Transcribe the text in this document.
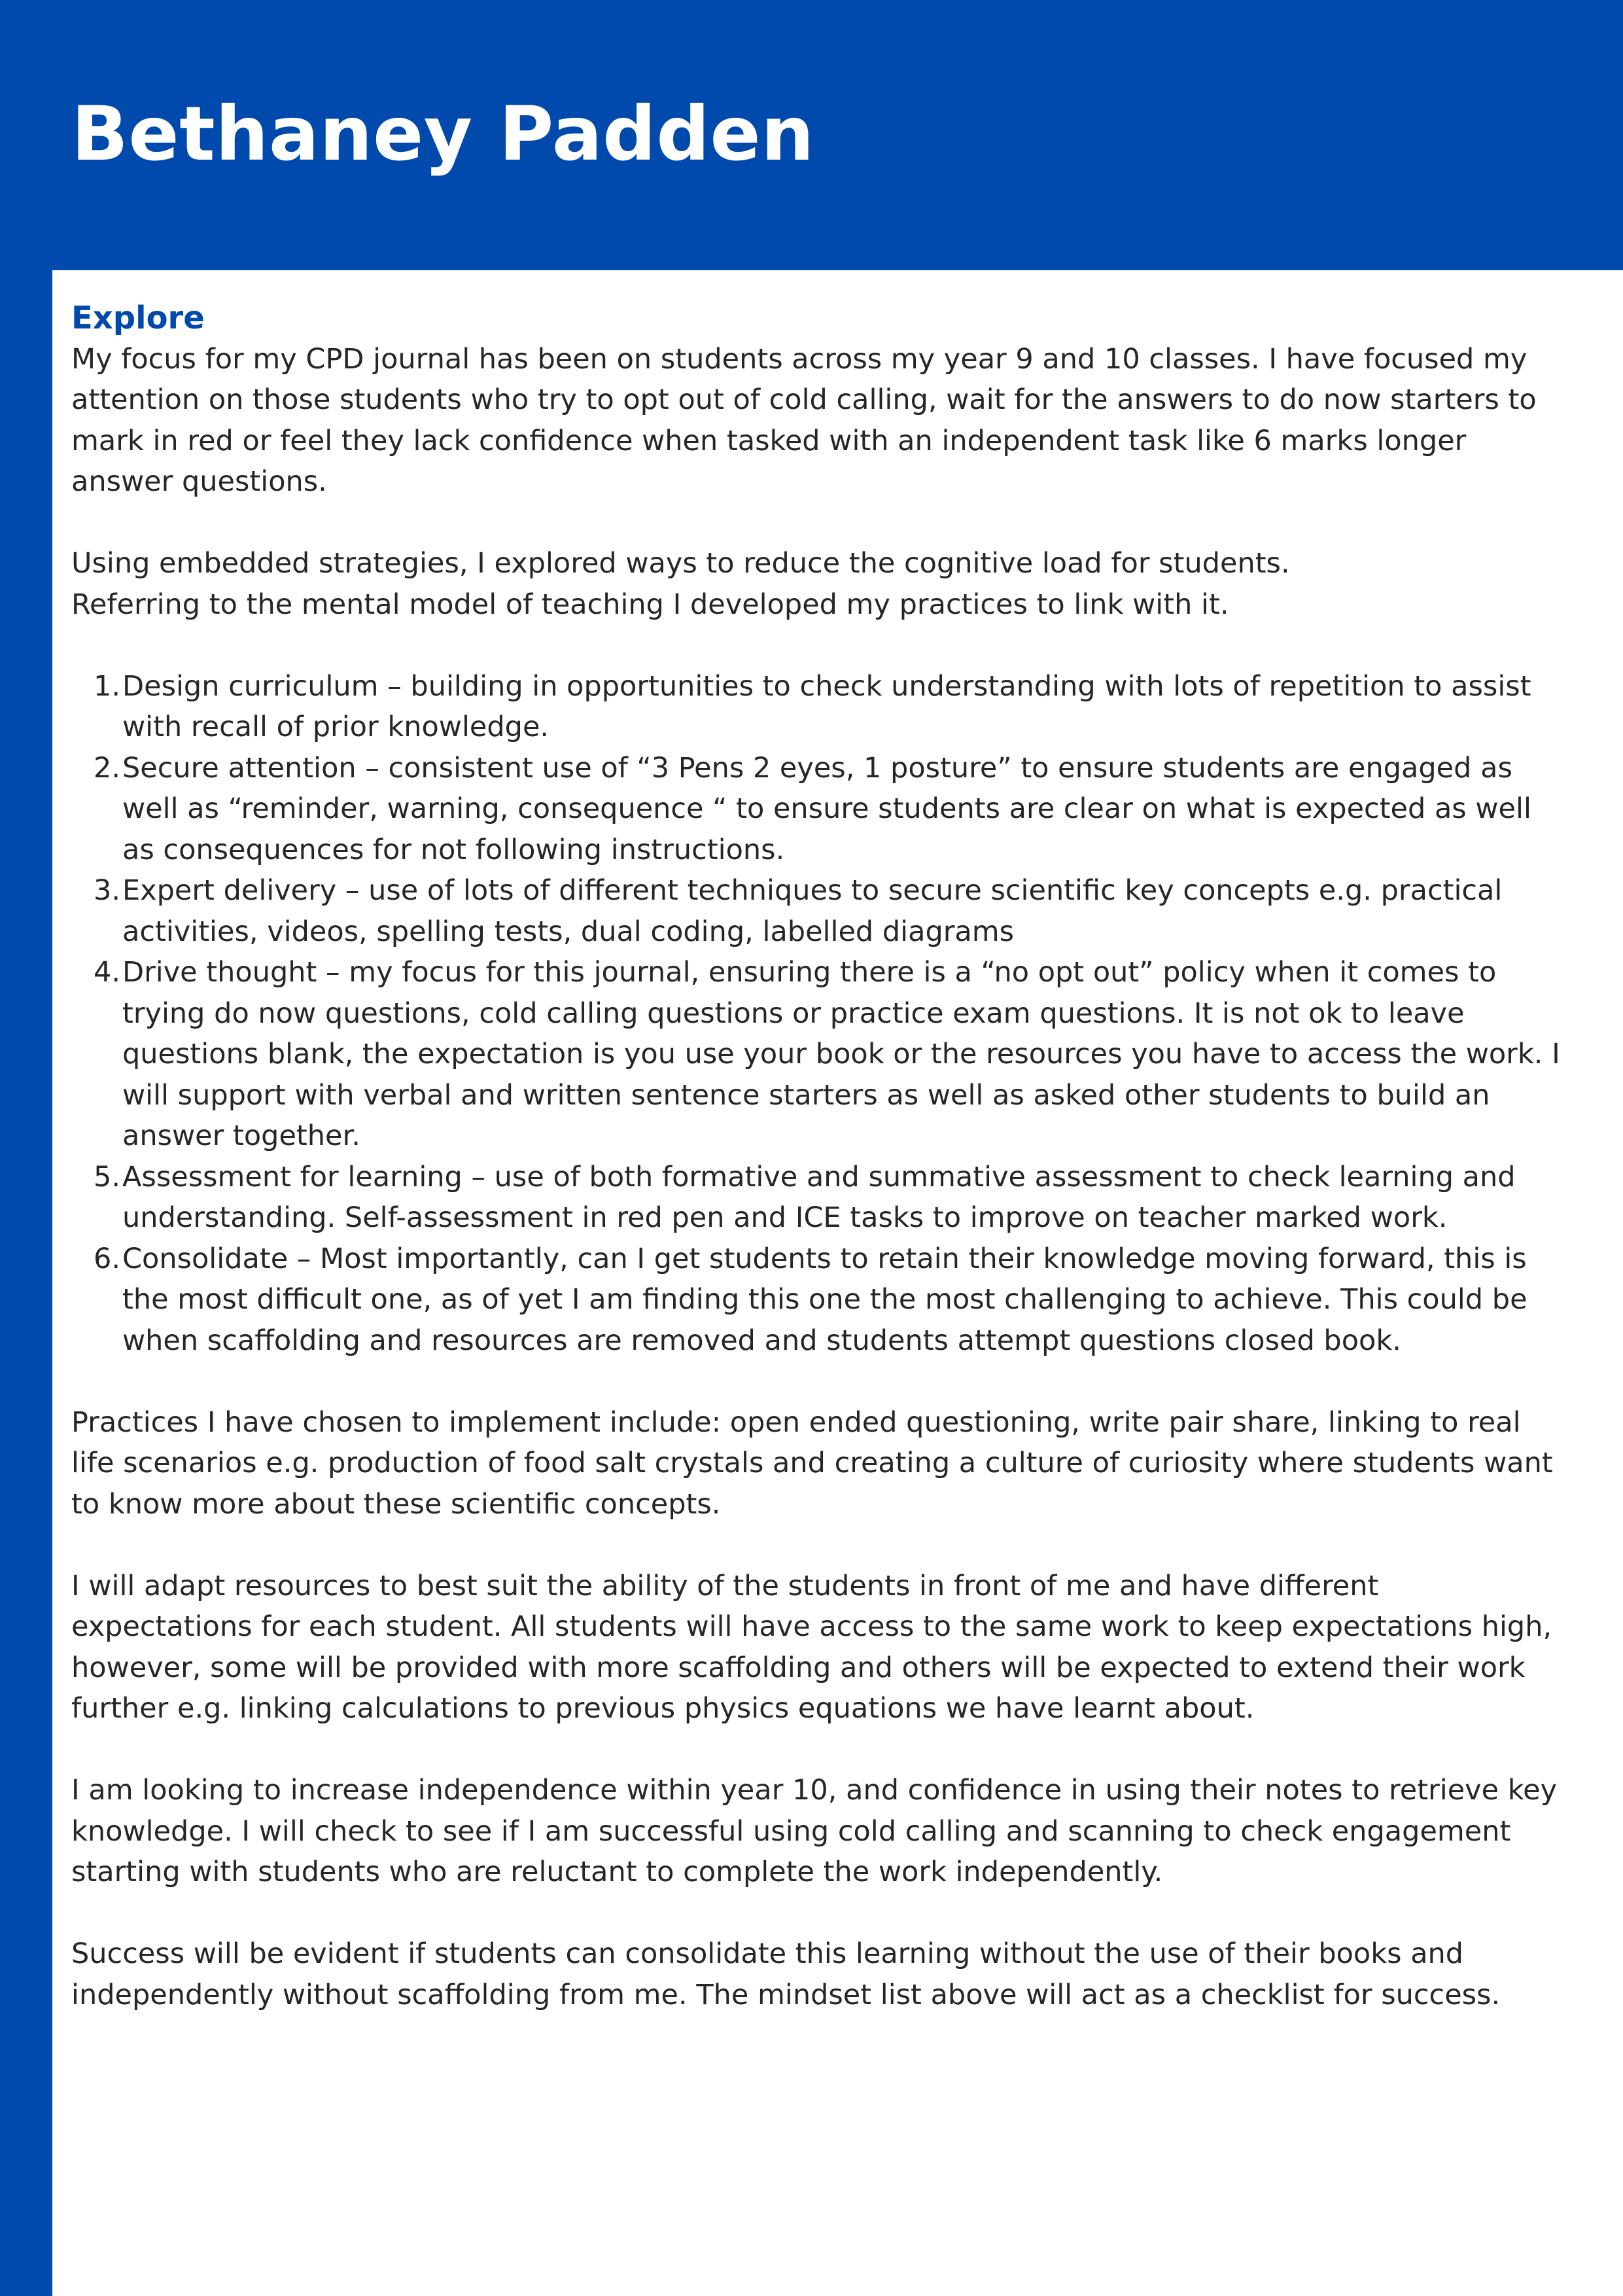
Bethaney Padden
Explore

My focus for my CPD journal has been on students across my year 9 and 10 classes. I have focused my attention on those students who try to opt out of cold calling, wait for the answers to do now starters to mark in red or feel they lack confidence when tasked with an independent task like 6 marks longer answer questions.

Using embedded strategies, I explored ways to reduce the cognitive load for students.

Referring to the mental model of teaching I developed my practices to link with it.

1. Design curriculum – building in opportunities to check understanding with lots of repetition to assist with recall of prior knowledge.
2. Secure attention – consistent use of “3 Pens 2 eyes, 1 posture” to ensure students are engaged as well as “reminder, warning, consequence “ to ensure students are clear on what is expected as well as consequences for not following instructions.
3. Expert delivery – use of lots of different techniques to secure scientific key concepts e.g. practical activities, videos, spelling tests, dual coding, labelled diagrams
4. Drive thought – my focus for this journal, ensuring there is a “no opt out” policy when it comes to trying do now questions, cold calling questions or practice exam questions. It is not ok to leave questions blank, the expectation is you use your book or the resources you have to access the work. I will support with verbal and written sentence starters as well as asked other students to build an answer together.
5. Assessment for learning – use of both formative and summative assessment to check learning and understanding. Self-assessment in red pen and ICE tasks to improve on teacher marked work.
6. Consolidate – Most importantly, can I get students to retain their knowledge moving forward, this is the most difficult one, as of yet I am finding this one the most challenging to achieve. This could be when scaffolding and resources are removed and students attempt questions closed book.

Practices I have chosen to implement include: open ended questioning, write pair share, linking to real life scenarios e.g. production of food salt crystals and creating a culture of curiosity where students want to know more about these scientific concepts.

I will adapt resources to best suit the ability of the students in front of me and have different expectations for each student. All students will have access to the same work to keep expectations high, however, some will be provided with more scaffolding and others will be expected to extend their work further e.g. linking calculations to previous physics equations we have learnt about.

I am looking to increase independence within year 10, and confidence in using their notes to retrieve key knowledge. I will check to see if I am successful using cold calling and scanning to check engagement starting with students who are reluctant to complete the work independently.

Success will be evident if students can consolidate this learning without the use of their books and independently without scaffolding from me. The mindset list above will act as a checklist for success.
